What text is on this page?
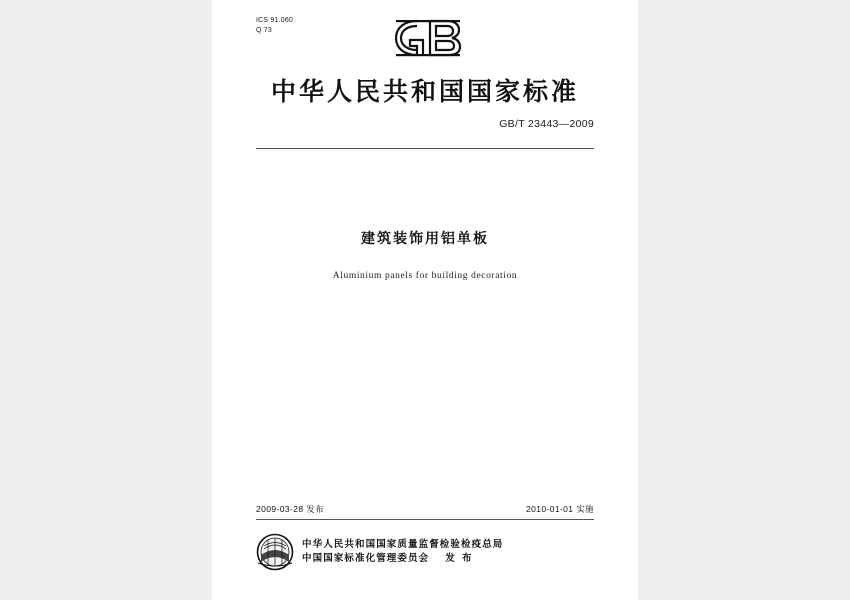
ICS 91.060
Q 73
中华人民共和国国家标准
GB/T 23443—2009
建筑装饰用铝单板
Aluminium panels for building decoration
2009-03-28 发布	2010-01-01 实施
中华人民共和国国家质量监督检验检疫总局
中国国家标准化管理委员会 发 布
